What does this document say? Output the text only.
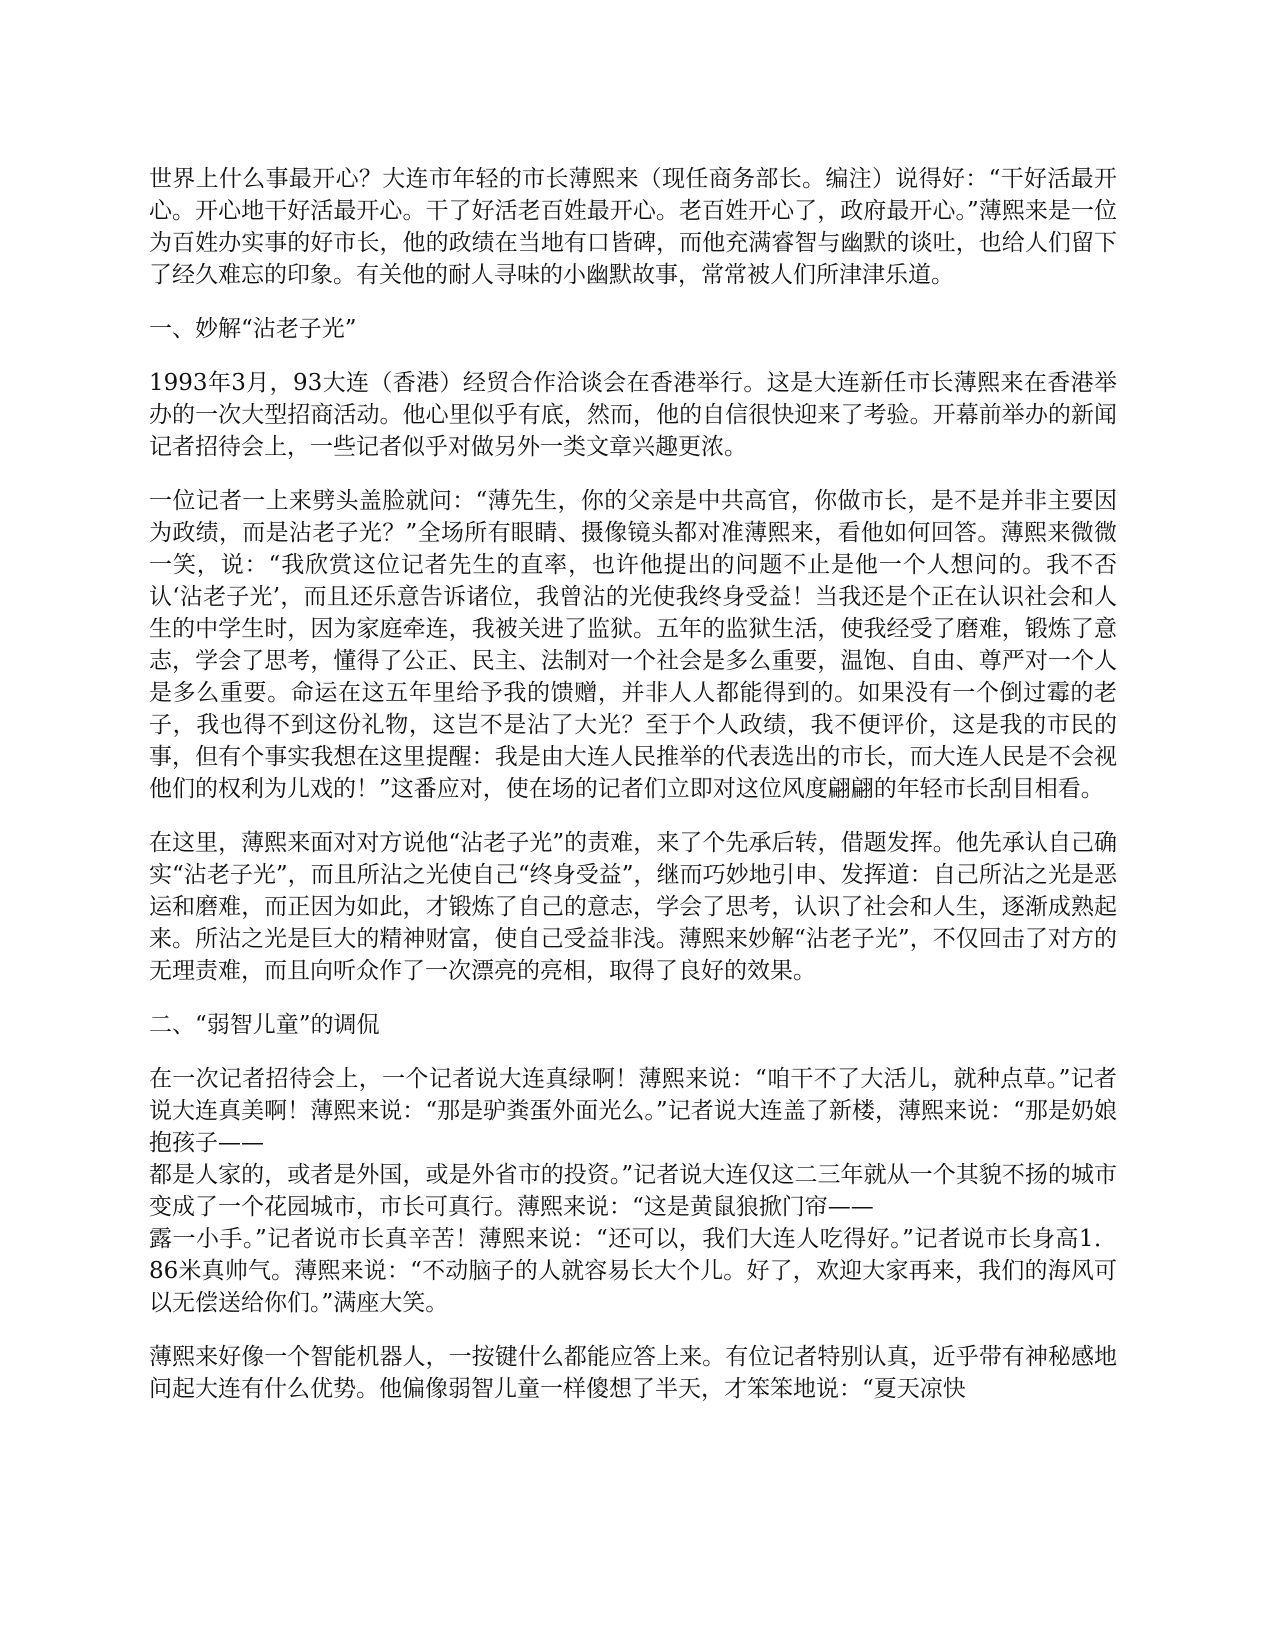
世界上什么事最开心？大连市年轻的市长薄熙来（现任商务部长。编注）说得好：“干好活最开心。开心地干好活最开心。干了好活老百姓最开心。老百姓开心了，政府最开心。”薄熙来是一位为百姓办实事的好市长，他的政绩在当地有口皆碑，而他充满睿智与幽默的谈吐，也给人们留下了经久难忘的印象。有关他的耐人寻味的小幽默故事，常常被人们所津津乐道。

一、妙解“沾老子光”

1993年3月，93大连（香港）经贸合作洽谈会在香港举行。这是大连新任市长薄熙来在香港举办的一次大型招商活动。他心里似乎有底，然而，他的自信很快迎来了考验。开幕前举办的新闻记者招待会上，一些记者似乎对做另外一类文章兴趣更浓。

一位记者一上来劈头盖脸就问：“薄先生，你的父亲是中共高官，你做市长，是不是并非主要因为政绩，而是沾老子光？”全场所有眼睛、摄像镜头都对准薄熙来，看他如何回答。薄熙来微微一笑，说：“我欣赏这位记者先生的直率，也许他提出的问题不止是他一个人想问的。我不否认‘沾老子光’，而且还乐意告诉诸位，我曾沾的光使我终身受益！当我还是个正在认识社会和人生的中学生时，因为家庭牵连，我被关进了监狱。五年的监狱生活，使我经受了磨难，锻炼了意志，学会了思考，懂得了公正、民主、法制对一个社会是多么重要，温饱、自由、尊严对一个人是多么重要。命运在这五年里给予我的馈赠，并非人人都能得到的。如果没有一个倒过霉的老子，我也得不到这份礼物，这岂不是沾了大光？至于个人政绩，我不便评价，这是我的市民的事，但有个事实我想在这里提醒：我是由大连人民推举的代表选出的市长，而大连人民是不会视他们的权利为儿戏的！”这番应对，使在场的记者们立即对这位风度翩翩的年轻市长刮目相看。

在这里，薄熙来面对对方说他“沾老子光”的责难，来了个先承后转，借题发挥。他先承认自己确实“沾老子光”，而且所沾之光使自己“终身受益”，继而巧妙地引申、发挥道：自己所沾之光是恶运和磨难，而正因为如此，才锻炼了自己的意志，学会了思考，认识了社会和人生，逐渐成熟起来。所沾之光是巨大的精神财富，使自己受益非浅。薄熙来妙解“沾老子光”，不仅回击了对方的无理责难，而且向听众作了一次漂亮的亮相，取得了良好的效果。

二、“弱智儿童”的调侃

在一次记者招待会上，一个记者说大连真绿啊！薄熙来说：“咱干不了大活儿，就种点草。”记者说大连真美啊！薄熙来说：“那是驴粪蛋外面光么。”记者说大连盖了新楼，薄熙来说：“那是奶娘抱孩子——
都是人家的，或者是外国，或是外省市的投资。”记者说大连仅这二三年就从一个其貌不扬的城市变成了一个花园城市，市长可真行。薄熙来说：“这是黄鼠狼掀门帘——
露一小手。”记者说市长真辛苦！薄熙来说：“还可以，我们大连人吃得好。”记者说市长身高1．86米真帅气。薄熙来说：“不动脑子的人就容易长大个儿。好了，欢迎大家再来，我们的海风可以无偿送给你们。”满座大笑。

薄熙来好像一个智能机器人，一按键什么都能应答上来。有位记者特别认真，近乎带有神秘感地问起大连有什么优势。他偏像弱智儿童一样傻想了半天，才笨笨地说：“夏天凉快
